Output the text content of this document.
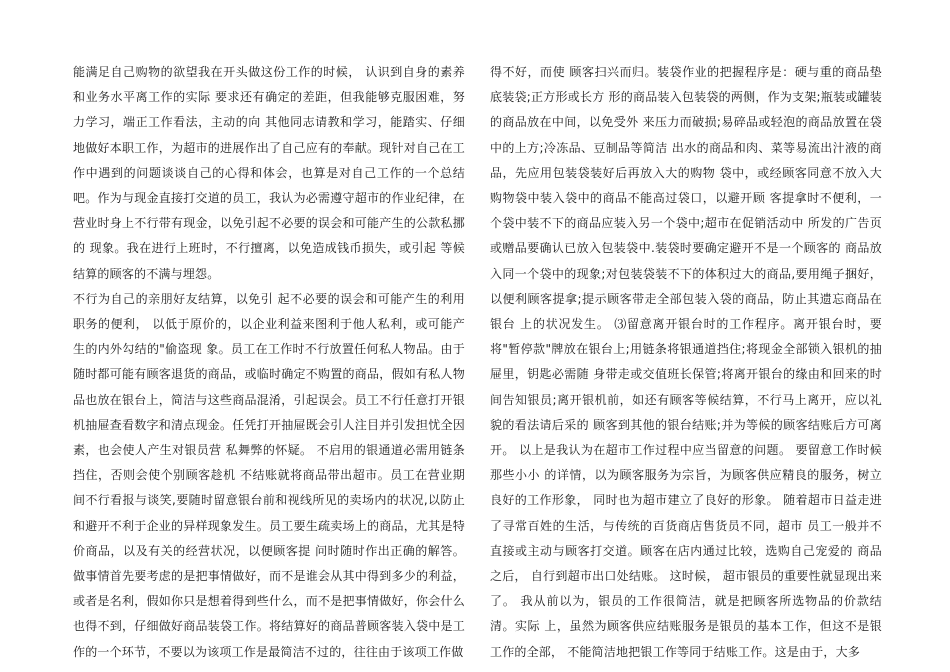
能满足自己购物的欲望我在开头做这份工作的时候， 认识到自身的素养和业务水平离工作的实际 要求还有确定的差距，但我能够克服困难，努力学习，端正工作看法，主动的向 其他同志请教和学习，能踏实、仔细地做好本职工作，为超市的进展作出了自己应有的奉献。现针对自己在工作中遇到的问题谈谈自己的心得和体会，也算是对自己工作的一个总结吧。作为与现金直接打交道的员工，我认为必需遵守超市的作业纪律，在营业时身上不行带有现金，以免引起不必要的误会和可能产生的公款私挪的 现象。我在进行上班时，不行擅离，以免造成钱币损失，或引起 等候结算的顾客的不满与埋怨。

不行为自己的亲朋好友结算，以免引 起不必要的误会和可能产生的利用职务的便利， 以低于原价的，以企业利益来图利于他人私利，或可能产生的内外勾结的"偷盗现 象。员工在工作时不行放置任何私人物品。由于随时都可能有顾客退货的商品，或临时确定不购置的商品，假如有私人物品也放在银台上，简洁与这些商品混淆，引起误会。员工不行任意打开银机抽屉查看数字和清点现金。任凭打开抽屉既会引人注目并引发担忧全因素，也会使人产生对银员营 私舞弊的怀疑。 不启用的银通道必需用链条挡住，否则会使个别顾客趁机 不结账就将商品带出超市。员工在营业期间不行看报与谈笑,要随时留意银台前和视线所见的卖场内的状况,以防止和避开不利于企业的异样现象发生。员工要生疏卖场上的商品，尤其是特价商品，以及有关的经营状况，以便顾客提 问时随时作出正确的解答。做事情首先要考虑的是把事情做好，而不是谁会从其中得到多少的利益，或者是名利，假如你只是想着得到些什么，而不是把事情做好，你会什么也得不到，仔细做好商品装袋工作。将结算好的商品普顾客装入袋中是工作的一个环节，不要以为该项工作是最简洁不过的，往往由于该项工作做

得不好，而使 顾客扫兴而归。装袋作业的把握程序是：硬与重的商品垫底装袋;正方形或长方 形的商品装入包装袋的两侧，作为支架;瓶装或罐装的商品放在中间，以免受外 来压力而破损;易碎品或轻泡的商品放置在袋中的上方;冷冻品、豆制品等简洁 出水的商品和肉、菜等易流出汁液的商品，先应用包装袋装好后再放入大的购物 袋中，或经顾客同意不放入大购物袋中装入袋中的商品不能高过袋口，以避开顾 客提拿时不便利，一个袋中装不下的商品应装入另一个袋中;超市在促销活动中 所发的广告页或赠品要确认已放入包装袋中.装袋时要确定避开不是一个顾客的 商品放入同一个袋中的现象;对包装袋装不下的体积过大的商品,要用绳子捆好， 以便利顾客提拿;提示顾客带走全部包装入袋的商品，防止其遗忘商品在银台 上的状况发生。 ⑶留意离开银台时的工作程序。离开银台时，要将"暂停款"牌放在银台上;用链条将银通道挡住;将现金全部锁入银机的抽屉里，钥匙必需随 身带走或交值班长保管;将离开银台的缘由和回来的时间告知银员;离开银机前，如还有顾客等候结算，不行马上离开，应以礼貌的看法请后采的 顾客到其他的银台结账;并为等候的顾客结账后方可离开。 以上是我认为在超市工作过程中应当留意的问题。 要留意工作时候那些小小 的详情，以为顾客服务为宗旨，为顾客供应精良的服务，树立良好的工作形象， 同时也为超市建立了良好的形象。 随着超市日益走进了寻常百姓的生活，与传统的百货商店售货员不同，超市 员工一般并不直接或主动与顾客打交道。顾客在店内通过比较，选购自己宠爱的 商品之后， 自行到超市出口处结账。 这时候， 超市银员的重要性就显现出来了。 我从前以为，银员的工作很简洁，就是把顾客所选物品的价款结清。实际 上，虽然为顾客供应结账服务是银员的基本工作，但这不是银工作的全部， 不能简洁地把银工作等同于结账工作。这是由于，大多
